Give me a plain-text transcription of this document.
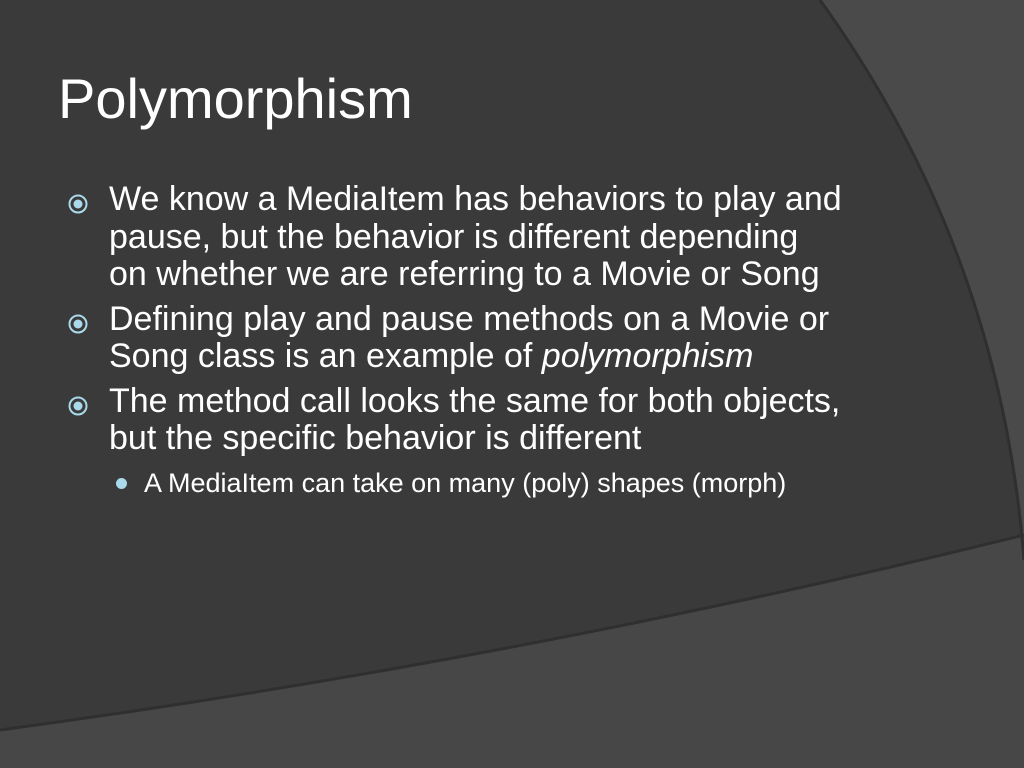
Polymorphism
We know a MediaItem has behaviors to play and pause, but the behavior is different depending on whether we are referring to a Movie or Song
Defining play and pause methods on a Movie or Song class is an example of polymorphism
The method call looks the same for both objects, but the specific behavior is different
A MediaItem can take on many (poly) shapes (morph)
